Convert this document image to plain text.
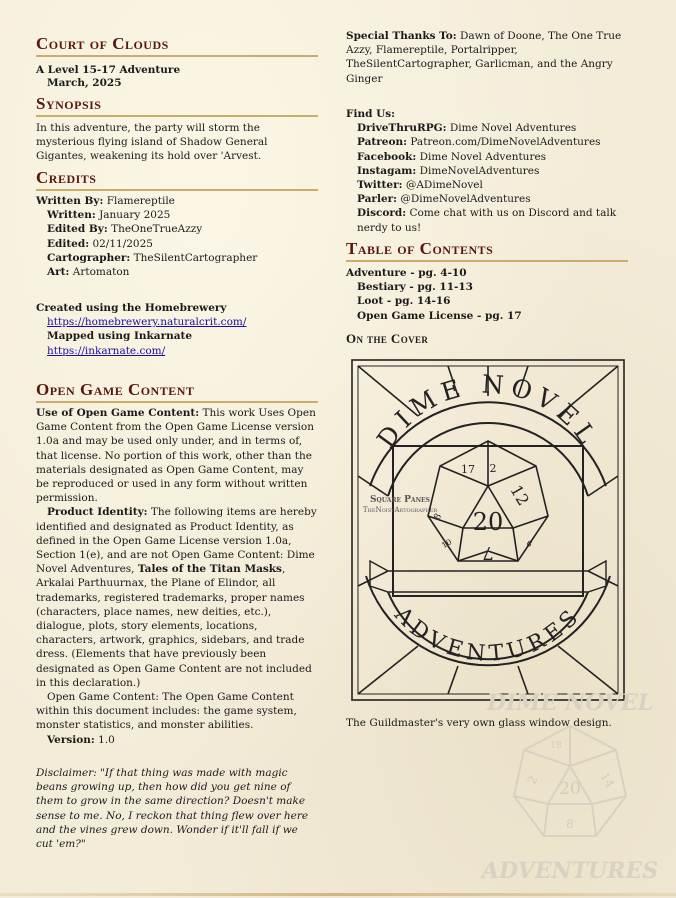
Court of Clouds
A Level 15-17 Adventure
March, 2025
Synopsis
In this adventure, the party will storm the mysterious flying island of Shadow General Gigantes, weakening its hold over 'Arvest.
Credits
Written By: Flamereptile
Written: January 2025
Edited By: TheOneTrueAzzy
Edited: 02/11/2025
Cartographer: TheSilentCartographer
Art: Artomaton
Created using the Homebrewery
https://homebrewery.naturalcrit.com/
Mapped using Inkarnate
https://inkarnate.com/
Open Game Content
Use of Open Game Content: This work Uses Open Game Content from the Open Game License version 1.0a and may be used only under, and in terms of, that license. No portion of this work, other than the materials designated as Open Game Content, may be reproduced or used in any form without written permission.
Product Identity: The following items are hereby identified and designated as Product Identity, as defined in the Open Game License version 1.0a, Section 1(e), and are not Open Game Content: Dime Novel Adventures, Tales of the Titan Masks, Arkalai Parthuurnax, the Plane of Elindor, all trademarks, registered trademarks, proper names (characters, place names, new deities, etc.), dialogue, plots, story elements, locations, characters, artwork, graphics, sidebars, and trade dress. (Elements that have previously been designated as Open Game Content are not included in this declaration.)
Open Game Content: The Open Game Content within this document includes: the game system, monster statistics, and monster abilities.
Version: 1.0
Disclaimer: "If that thing was made with magic beans growing up, then how did you get nine of them to grow in the same direction? Doesn't make sense to me. No, I reckon that thing flew over here and the vines grew down. Wonder if it'll fall if we cut 'em?"
Special Thanks To: Dawn of Doone, The One True Azzy, Flamereptile, Portalripper, TheSilentCartographer, Garlicman, and the Angry Ginger
Find Us:
DriveThruRPG: Dime Novel Adventures
Patreon: Patreon.com/DimeNovelAdventures
Facebook: Dime Novel Adventures
Instagam: DimeNovelAdventures
Twitter: @ADimeNovel
Parler: @DimeNovelAdventures
Discord: Come chat with us on Discord and talk nerdy to us!
Table of Contents
Adventure - pg. 4-10
Bestiary - pg. 11-13
Loot - pg. 14-16
Open Game License - pg. 17
On the Cover
20
12
17 2
8
10 7	6
DIME NOVEL
ADVENTURES
Square Panes
TheNoisyArtographer
The Guildmaster's very own glass window design.
DIME NOVEL
ADVENTURES
20
18
2	14
8
